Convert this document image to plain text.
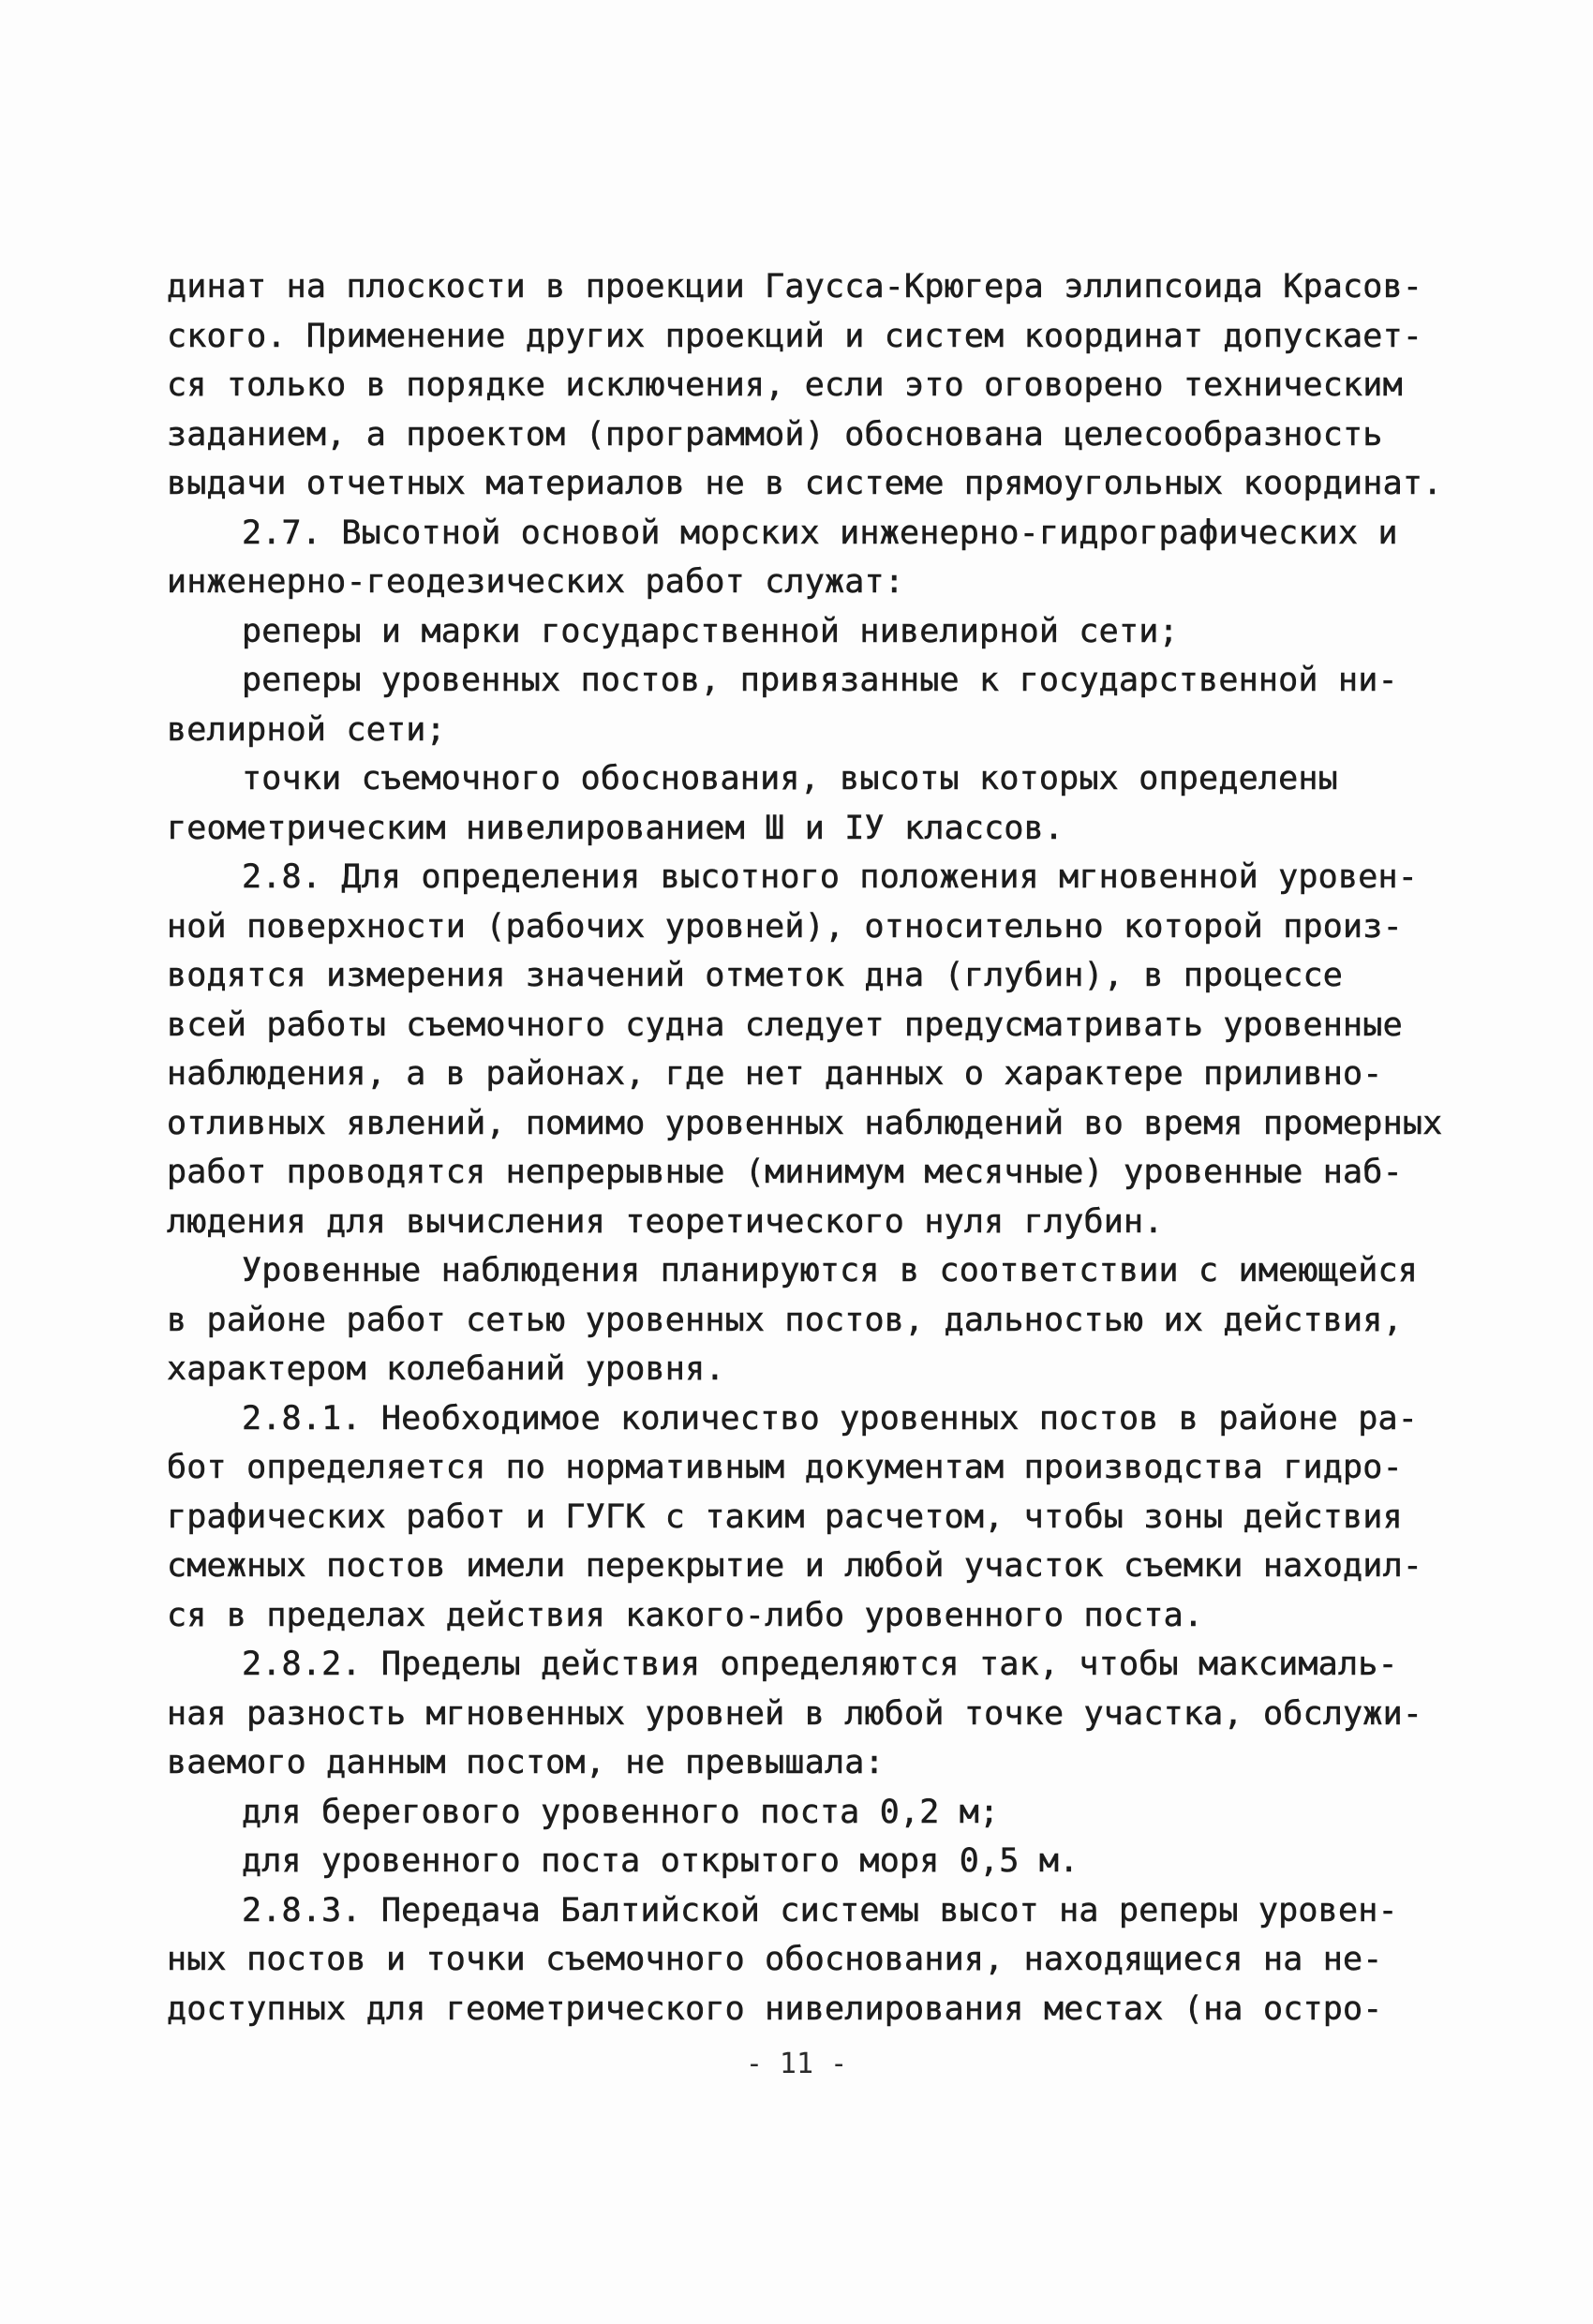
динат на плоскости в проекции Гаусса-Крюгера эллипсоида Красов-
ского. Применение других проекций и систем координат допускает-
ся только в порядке исключения, если это оговорено техническим
заданием, а проектом (программой) обоснована целесообразность
выдачи отчетных материалов не в системе прямоугольных координат.
2.7. Высотной основой морских инженерно-гидрографических и
инженерно-геодезических работ служат:
реперы и марки государственной нивелирной сети;
реперы уровенных постов, привязанные к государственной ни-
велирной сети;
точки съемочного обоснования, высоты которых определены
геометрическим нивелированием Ш и IУ классов.
2.8. Для определения высотного положения мгновенной уровен-
ной поверхности (рабочих уровней), относительно которой произ-
водятся измерения значений отметок дна (глубин), в процессе
всей работы съемочного судна следует предусматривать уровенные
наблюдения, а в районах, где нет данных о характере приливно-
отливных явлений, помимо уровенных наблюдений во время промерных
работ проводятся непрерывные (минимум месячные) уровенные наб-
людения для вычисления теоретического нуля глубин.
Уровенные наблюдения планируются в соответствии с имеющейся
в районе работ сетью уровенных постов, дальностью их действия,
характером колебаний уровня.
2.8.1. Необходимое количество уровенных постов в районе ра-
бот определяется по нормативным документам производства гидро-
графических работ и ГУГК с таким расчетом, чтобы зоны действия
смежных постов имели перекрытие и любой участок съемки находил-
ся в пределах действия какого-либо уровенного поста.
2.8.2. Пределы действия определяются так, чтобы максималь-
ная разность мгновенных уровней в любой точке участка, обслужи-
ваемого данным постом, не превышала:
для берегового уровенного поста 0,2 м;
для уровенного поста открытого моря 0,5 м.
2.8.3. Передача Балтийской системы высот на реперы уровен-
ных постов и точки съемочного обоснования, находящиеся на не-
доступных для геометрического нивелирования местах (на остро-
- 11 -
